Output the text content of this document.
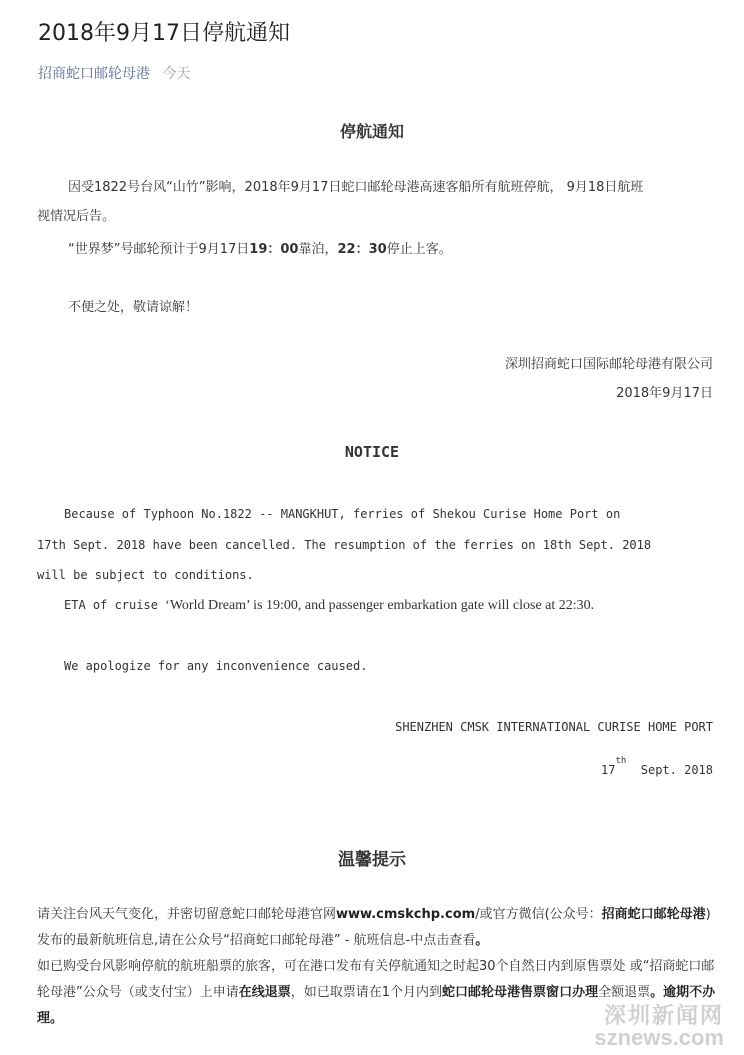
2018年9月17日停航通知
招商蛇口邮轮母港 今天
停航通知
因受1822号台风“山竹”影响，2018年9月17日蛇口邮轮母港高速客船所有航班停航， 9月18日航班
视情况后告。
“世界梦”号邮轮预计于9月17日19：00靠泊，22：30停止上客。
不便之处，敬请谅解！
深圳招商蛇口国际邮轮母港有限公司
2018年9月17日
NOTICE
Because of Typhoon No.1822 -- MANGKHUT, ferries of Shekou Curise Home Port on
17th Sept. 2018 have been cancelled. The resumption of the ferries on 18th Sept. 2018
will be subject to conditions.
ETA of cruise ‘World Dream’ is 19:00, and passenger embarkation gate will close at 22:30.
We apologize for any inconvenience caused.
SHENZHEN CMSK INTERNATIONAL CURISE HOME PORT
17th  Sept. 2018
温馨提示
请关注台风天气变化，并密切留意蛇口邮轮母港官网www.cmskchp.com/或官方微信(公众号：招商蛇口邮轮母港)发布的最新航班信息,请在公众号“招商蛇口邮轮母港” - 航班信息-中点击查看。
如已购受台风影响停航的航班船票的旅客，可在港口发布有关停航通知之时起30个自然日内到原售票处 或“招商蛇口邮轮母港”公众号（或支付宝）上申请在线退票，如已取票请在1个月内到蛇口邮轮母港售票窗口办理全额退票。逾期不办理。	深圳新闻网
sznews.com
